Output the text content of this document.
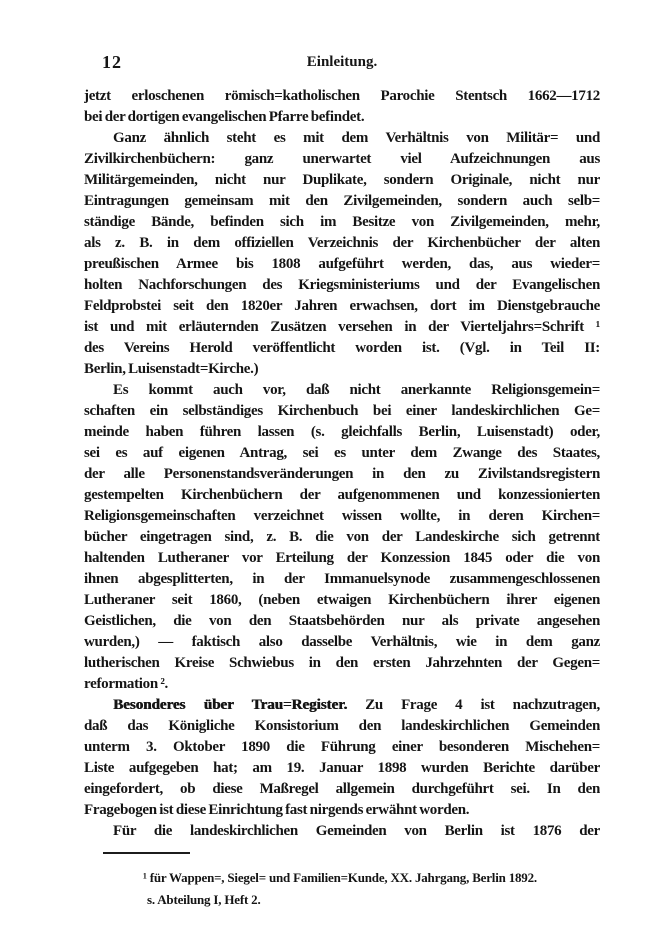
12	Einleitung.
jetzt erloschenen römisch=katholischen Parochie Stentsch 1662—1712
bei der dortigen evangelischen Pfarre befindet.
Ganz ähnlich steht es mit dem Verhältnis von Militär= und
Zivilkirchenbüchern: ganz unerwartet viel Aufzeichnungen aus
Militärgemeinden, nicht nur Duplikate, sondern Originale, nicht nur
Eintragungen gemeinsam mit den Zivilgemeinden, sondern auch selb=
ständige Bände, befinden sich im Besitze von Zivilgemeinden, mehr,
als z. B. in dem offiziellen Verzeichnis der Kirchenbücher der alten
preußischen Armee bis 1808 aufgeführt werden, das, aus wieder=
holten Nachforschungen des Kriegsministeriums und der Evangelischen
Feldprobstei seit den 1820er Jahren erwachsen, dort im Dienstgebrauche
ist und mit erläuternden Zusätzen versehen in der Vierteljahrs=Schrift ¹
des Vereins Herold veröffentlicht worden ist. (Vgl. in Teil II:
Berlin, Luisenstadt=Kirche.)
Es kommt auch vor, daß nicht anerkannte Religionsgemein=
schaften ein selbständiges Kirchenbuch bei einer landeskirchlichen Ge=
meinde haben führen lassen (s. gleichfalls Berlin, Luisenstadt) oder,
sei es auf eigenen Antrag, sei es unter dem Zwange des Staates,
der alle Personenstandsveränderungen in den zu Zivilstandsregistern
gestempelten Kirchenbüchern der aufgenommenen und konzessionierten
Religionsgemeinschaften verzeichnet wissen wollte, in deren Kirchen=
bücher eingetragen sind, z. B. die von der Landeskirche sich getrennt
haltenden Lutheraner vor Erteilung der Konzession 1845 oder die von
ihnen abgesplitterten, in der Immanuelsynode zusammengeschlossenen
Lutheraner seit 1860, (neben etwaigen Kirchenbüchern ihrer eigenen
Geistlichen, die von den Staatsbehörden nur als private angesehen
wurden,) — faktisch also dasselbe Verhältnis, wie in dem ganz
lutherischen Kreise Schwiebus in den ersten Jahrzehnten der Gegen=
reformation ².
Besonderes über Trau=Register. Zu Frage 4 ist nachzutragen,
daß das Königliche Konsistorium den landeskirchlichen Gemeinden
unterm 3. Oktober 1890 die Führung einer besonderen Mischehen=
Liste aufgegeben hat; am 19. Januar 1898 wurden Berichte darüber
eingefordert, ob diese Maßregel allgemein durchgeführt sei. In den
Fragebogen ist diese Einrichtung fast nirgends erwähnt worden.
Für die landeskirchlichen Gemeinden von Berlin ist 1876 der
¹ für Wappen=, Siegel= und Familien=Kunde, XX. Jahrgang, Berlin 1892.
s. Abteilung I, Heft 2.
